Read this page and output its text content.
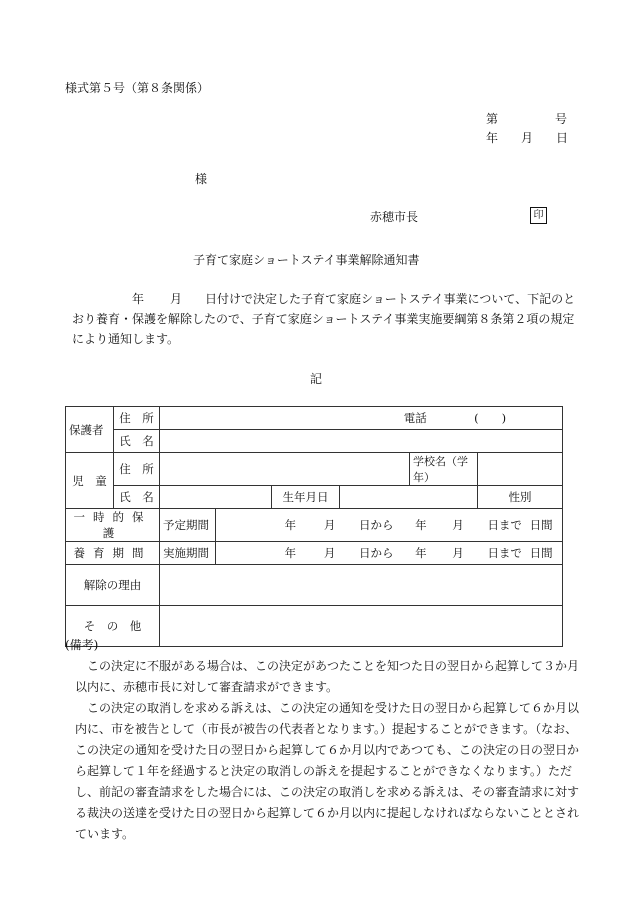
様式第５号（第８条関係）
第	号
年 月 日
様
赤穂市長	印
子育て家庭ショートステイ事業解除通知書
年 月 日付けで決定した子育て家庭ショートステイ事業について、下記のと
おり養育・保護を解除したので、子育て家庭ショートステイ事業実施要綱第８条第２項の規定
により通知します。
記
保護者	住　所	電話 (　　)						
	氏　名							
児　童	住　所					学校名（学年）		
	氏　名			生年月日			性別	
一時的保護		予定期間	年 月 日から 年 月 日まで 日間					
養育期間		実施期間	年 月 日から 年 月 日まで 日間					
解除の理由								
そ　の　他								
(備考)
この決定に不服がある場合は、この決定があつたことを知つた日の翌日から起算して３か月
以内に、赤穂市長に対して審査請求ができます。
この決定の取消しを求める訴えは、この決定の通知を受けた日の翌日から起算して６か月以
内に、市を被告として（市長が被告の代表者となります。）提起することができます。（なお、
この決定の通知を受けた日の翌日から起算して６か月以内であつても、この決定の日の翌日か
ら起算して１年を経過すると決定の取消しの訴えを提起することができなくなります。）ただ
し、前記の審査請求をした場合には、この決定の取消しを求める訴えは、その審査請求に対す
る裁決の送達を受けた日の翌日から起算して６か月以内に提起しなければならないこととされ
ています。
